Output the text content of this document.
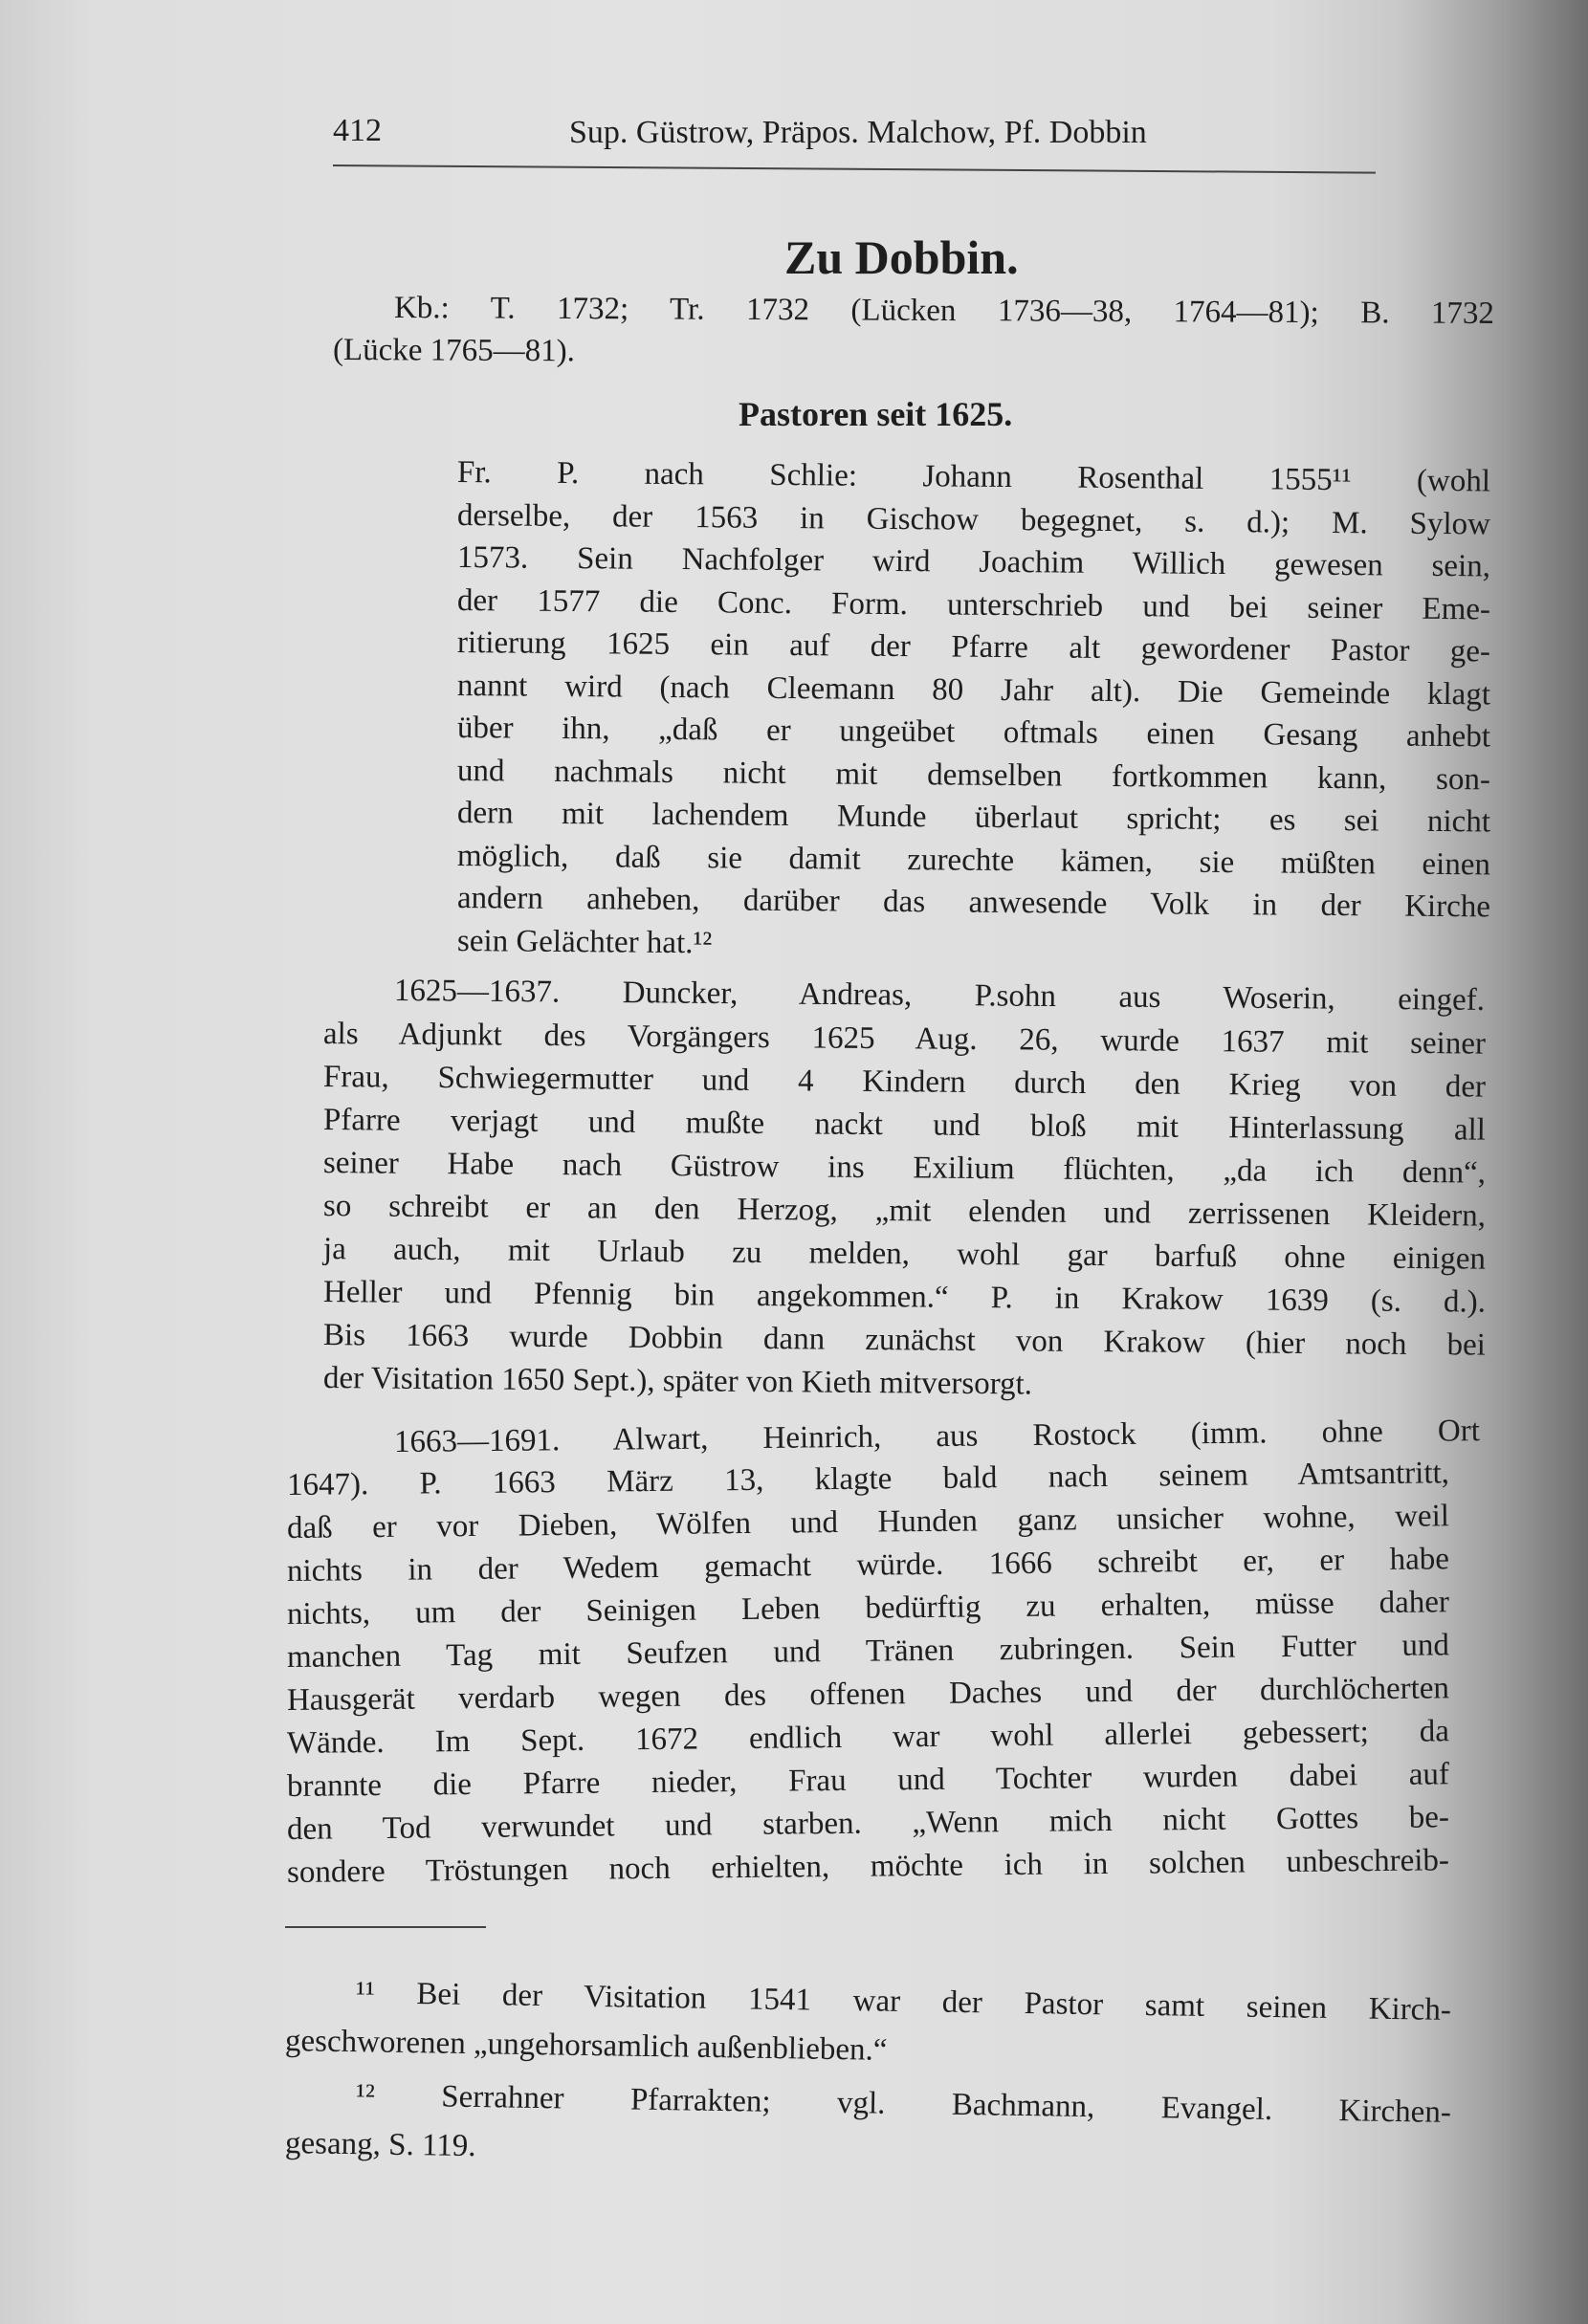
412	Sup. Güstrow, Präpos. Malchow, Pf. Dobbin
Zu Dobbin.
Kb.: T. 1732; Tr. 1732 (Lücken 1736—38, 1764—81); B. 1732
(Lücke 1765—81).
Pastoren seit 1625.
Fr. P. nach Schlie: Johann Rosenthal 1555¹¹ (wohl
derselbe, der 1563 in Gischow begegnet, s. d.); M. Sylow
1573. Sein Nachfolger wird Joachim Willich gewesen sein,
der 1577 die Conc. Form. unterschrieb und bei seiner Eme-
ritierung 1625 ein auf der Pfarre alt gewordener Pastor ge-
nannt wird (nach Cleemann 80 Jahr alt). Die Gemeinde klagt
über ihn, „daß er ungeübet oftmals einen Gesang anhebt
und nachmals nicht mit demselben fortkommen kann, son-
dern mit lachendem Munde überlaut spricht; es sei nicht
möglich, daß sie damit zurechte kämen, sie müßten einen
andern anheben, darüber das anwesende Volk in der Kirche
sein Gelächter hat.¹²
1625—1637. Duncker, Andreas, P.sohn aus Woserin, eingef.
als Adjunkt des Vorgängers 1625 Aug. 26, wurde 1637 mit seiner
Frau, Schwiegermutter und 4 Kindern durch den Krieg von der
Pfarre verjagt und mußte nackt und bloß mit Hinterlassung all
seiner Habe nach Güstrow ins Exilium flüchten, „da ich denn“,
so schreibt er an den Herzog, „mit elenden und zerrissenen Kleidern,
ja auch, mit Urlaub zu melden, wohl gar barfuß ohne einigen
Heller und Pfennig bin angekommen.“ P. in Krakow 1639 (s. d.).
Bis 1663 wurde Dobbin dann zunächst von Krakow (hier noch bei
der Visitation 1650 Sept.), später von Kieth mitversorgt.
1663—1691. Alwart, Heinrich, aus Rostock (imm. ohne Ort
1647). P. 1663 März 13, klagte bald nach seinem Amtsantritt,
daß er vor Dieben, Wölfen und Hunden ganz unsicher wohne, weil
nichts in der Wedem gemacht würde. 1666 schreibt er, er habe
nichts, um der Seinigen Leben bedürftig zu erhalten, müsse daher
manchen Tag mit Seufzen und Tränen zubringen. Sein Futter und
Hausgerät verdarb wegen des offenen Daches und der durchlöcherten
Wände. Im Sept. 1672 endlich war wohl allerlei gebessert; da
brannte die Pfarre nieder, Frau und Tochter wurden dabei auf
den Tod verwundet und starben. „Wenn mich nicht Gottes be-
sondere Tröstungen noch erhielten, möchte ich in solchen unbeschreib-
¹¹ Bei der Visitation 1541 war der Pastor samt seinen Kirch-
geschworenen „ungehorsamlich außenblieben.“
¹² Serrahner Pfarrakten; vgl. Bachmann, Evangel. Kirchen-
gesang, S. 119.
